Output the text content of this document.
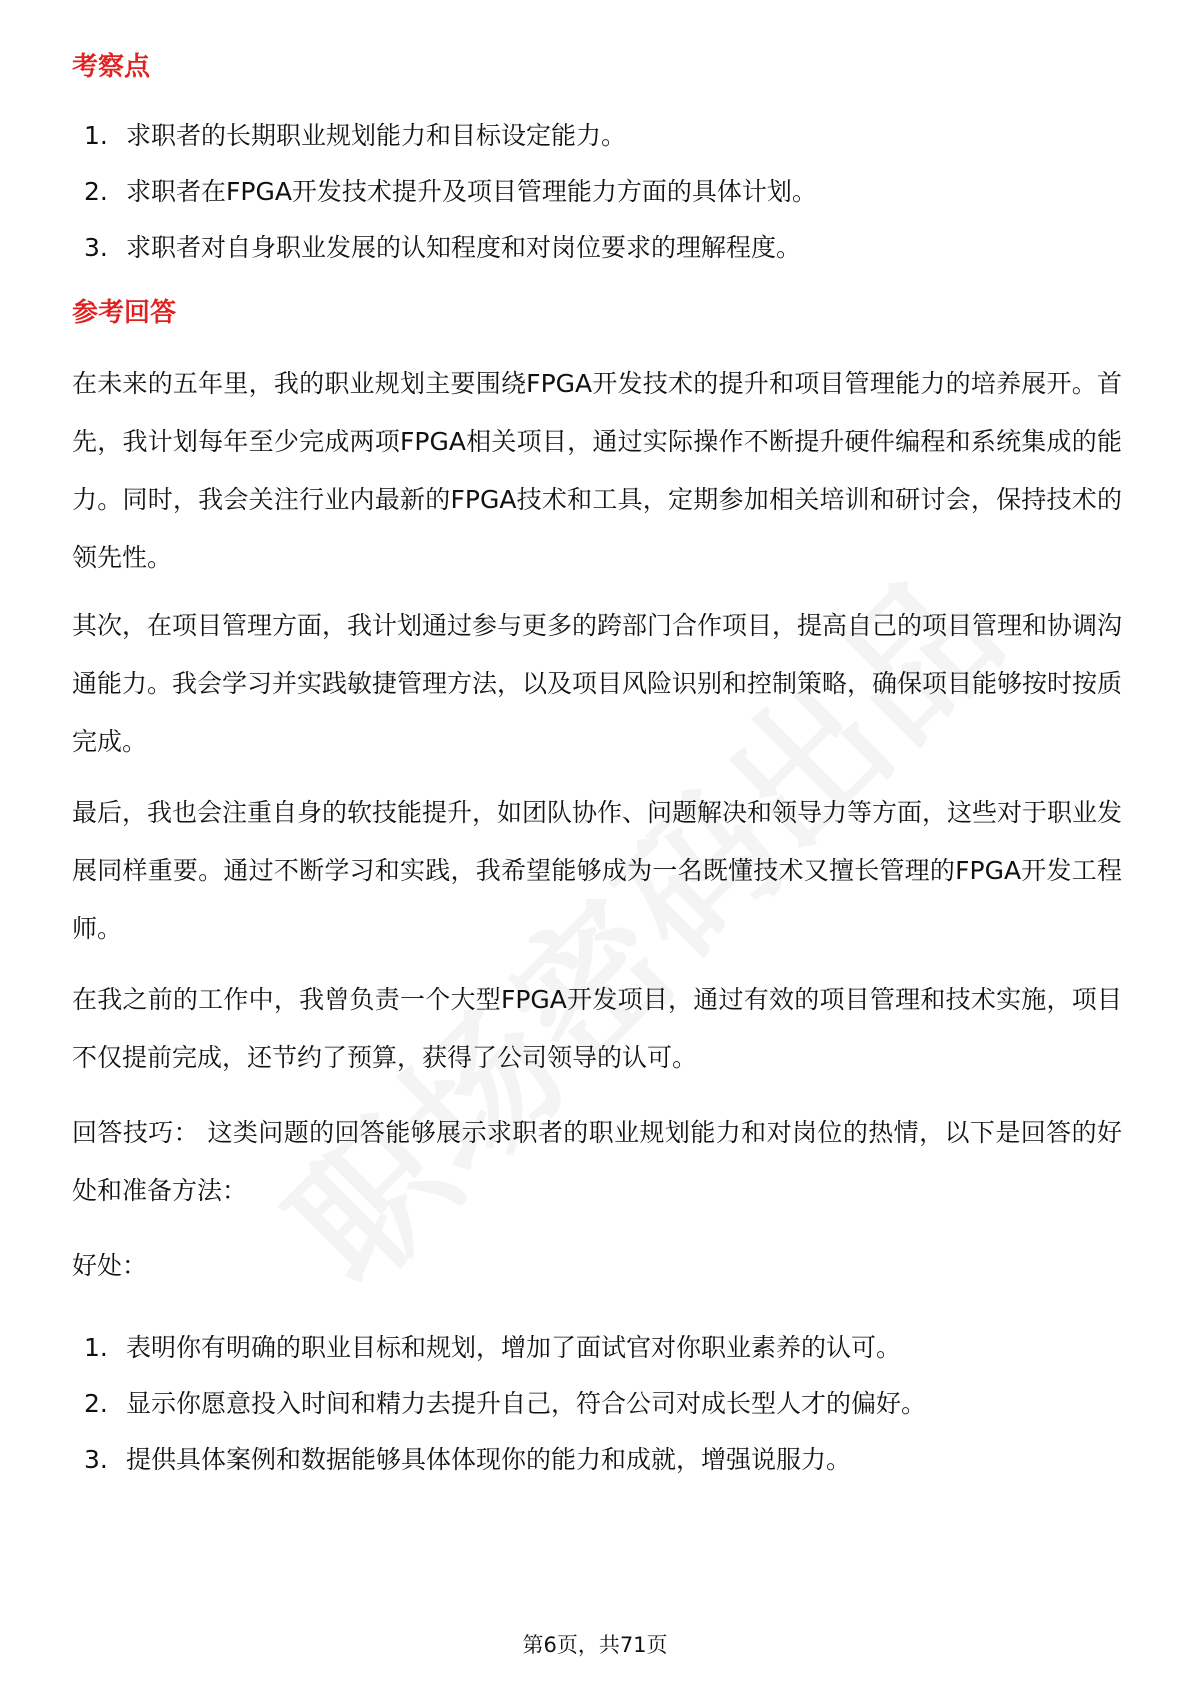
考察点
1. 求职者的长期职业规划能力和目标设定能力。
2. 求职者在FPGA开发技术提升及项目管理能力方面的具体计划。
3. 求职者对自身职业发展的认知程度和对岗位要求的理解程度。
参考回答

在未来的五年里，我的职业规划主要围绕FPGA开发技术的提升和项目管理能力的培养展开。首先，我计划每年至少完成两项FPGA相关项目，通过实际操作不断提升硬件编程和系统集成的能力。同时，我会关注行业内最新的FPGA技术和工具，定期参加相关培训和研讨会，保持技术的领先性。

其次，在项目管理方面，我计划通过参与更多的跨部门合作项目，提高自己的项目管理和协调沟通能力。我会学习并实践敏捷管理方法，以及项目风险识别和控制策略，确保项目能够按时按质完成。

最后，我也会注重自身的软技能提升，如团队协作、问题解决和领导力等方面，这些对于职业发展同样重要。通过不断学习和实践，我希望能够成为一名既懂技术又擅长管理的FPGA开发工程师。

在我之前的工作中，我曾负责一个大型FPGA开发项目，通过有效的项目管理和技术实施，项目不仅提前完成，还节约了预算，获得了公司领导的认可。

回答技巧： 这类问题的回答能够展示求职者的职业规划能力和对岗位的热情，以下是回答的好处和准备方法：

好处：

1. 表明你有明确的职业目标和规划，增加了面试官对你职业素养的认可。
2. 显示你愿意投入时间和精力去提升自己，符合公司对成长型人才的偏好。
3. 提供具体案例和数据能够具体体现你的能力和成就，增强说服力。
第6页，共71页
